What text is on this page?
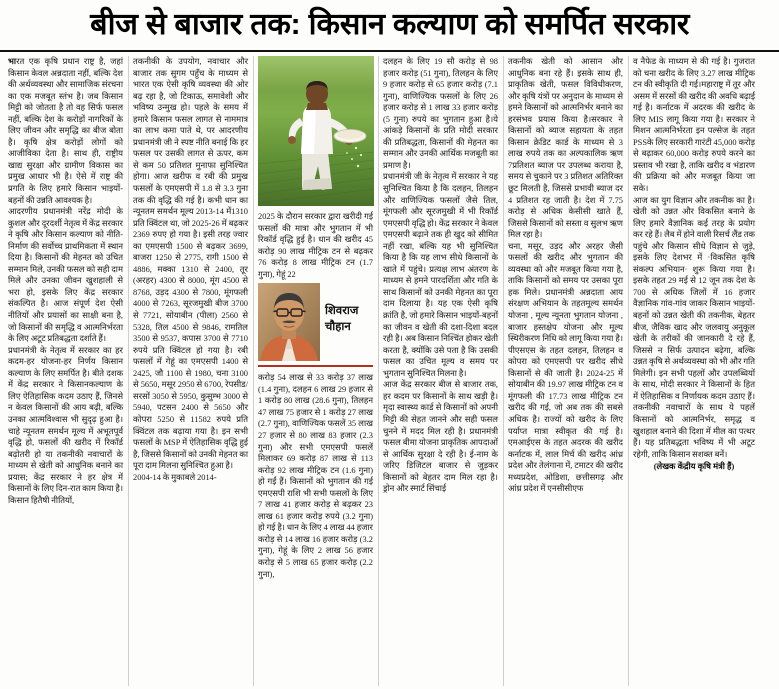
बीज से बाजार तक: किसान कल्याण को समर्पित सरकार

भारत एक कृषि प्रधान राष्ट्र है, जहां किसान केवल अन्नदाता नहीं, बल्कि देश की अर्थव्यवस्था और सामाजिक संरचना का एक मजबूत स्तंभ है। जब किसान मिट्टी को जोतता है तो वह सिर्फ फसल नहीं, बल्कि देश के करोड़ों नागरिकों के लिए जीवन और समृद्धि का बीज बोता है। कृषि क्षेत्र करोड़ों लोगों को आजीविका देता है। साथ ही, राष्ट्रीय खाद्य सुरक्षा और ग्रामीण विकास का प्रमुख आधार भी है। ऐसे में राष्ट्र की प्रगति के लिए हमारे किसान भाइयों-बहनों की उन्नति आवश्यक है।

आदरणीय प्रधानमंत्री नरेंद्र मोदी के कुशल और दूरदर्शी नेतृत्व में केंद्र सरकार ने कृषि और किसान कल्याण को नीति-निर्माण की सर्वोच्च प्राथमिकता में स्थान दिया है। किसानों की मेहनत को उचित सम्मान मिले, उनकी फसल को सही दाम मिले और उनका जीवन खुशहाली से भरा हो, इसके लिए केंद्र सरकार संकल्पित है। आज संपूर्ण देश ऐसी नीतियों और प्रयासों का साक्षी बना है, जो किसानों की समृद्धि व आत्मनिर्भरता के लिए अटूट प्रतिबद्धता दर्शाते हैं।

प्रधानमंत्री के नेतृत्व में सरकार का हर कदम-हर योजना-हर निर्णय किसान कल्याण के लिए समर्पित है। बीते दशक में केंद्र सरकार ने किसानकल्याण के लिए ऐतिहासिक कदम उठाए हैं, जिनसे न केवल किसानों की आय बढ़ी, बल्कि उनका आत्मविश्वास भी सुदृढ़ हुआ है। चाहे न्यूनतम समर्थन मूल्य में अभूतपूर्व वृद्धि हो, फसलों की खरीद में रिकॉर्ड बढ़ोतरी हो या तकनीकी नवाचारों के माध्यम से खेती को आधुनिक बनाने का प्रयास; केंद्र सरकार ने हर क्षेत्र में किसानों के लिए दिन-रात काम किया है। किसान हितैषी नीतियों,

तकनीकी के उपयोग, नवाचार और बाजार तक सुगम पहुँच के माध्यम से भारत एक ऐसी कृषि व्यवस्था की ओर बढ़ रहा है, जो टिकाऊ, समावेशी और भविष्य उन्मुख हो। पहले के समय में हमारे किसान फसल लागत से नाममात्र का लाभ कमा पाते थे, पर आदरणीय प्रधानमंत्री जी ने स्पष्ट नीति बनाई कि हर फसल पर उसकी लागत से ऊपर, कम से कम 50 प्रतिशत मुनाफा सुनिश्चित होगा। आज खरीफ व रबी की प्रमुख फसलों के एमएसपी में 1.8 से 3.3 गुना तक की वृद्धि की गई है। कभी धान का न्यूनतम समर्थन मूल्य 2013-14 में1310 प्रति क्विंटल था, जो 2025-26 में बढ़कर 2369 रुपए हो गया है। इसी तरह ज्वार का एमएसपी 1500 से बढ़कर 3699, बाजरा 1250 से 2775, रागी 1500 से 4886, मक्का 1310 से 2400, तूर (अरहर) 4300 से 8000, मूंग 4500 से 8768, उड़द 4300 से 7800, मूंगफली 4000 से 7263, सूरजमुखी बीज 3700 से 7721, सोयाबीन (पीला) 2560 से 5328, तिल 4500 से 9846, रामतिल 3500 से 9537, कपास 3700 से 7710 रुपये प्रति क्विंटल हो गया है। रबी फसलों में गेहूं का एमएसपी 1400 से 2425, जौ 1100 से 1980, चना 3100 से 5650, मसूर 2950 से 6700, रेपसीड/सरसों 3050 से 5950, कुसुम्भ 3000 से 5940, पटसन 2400 से 5650 और कोपरा 5250 से 11582 रुपये प्रति क्विंटल तक बढ़ाया गया है। इन सभी फसलों के MSP में ऐतिहासिक वृद्धि हुई है, जिससे किसानों को उनकी मेहनत का पूरा दाम मिलना सुनिश्चित हुआ है।

2004-14 के मुकाबले 2014-

2025 के दौरान सरकार द्वारा खरीदी गई फसलों की मात्रा और भुगतान में भी रिकॉर्ड वृद्धि हुई है। धान की खरीद 45 करोड़ 90 लाख मीट्रिक टन से बढ़कर 76 करोड़ 8 लाख मीट्रिक टन (1.7 गुना), गेहूं 22

शिवराज
चौहान

करोड़ 54 लाख से 33 करोड़ 37 लाख (1.4 गुना), दलहन 6 लाख 29 हजार से 1 करोड़ 80 लाख (28.6 गुना), तिलहन 47 लाख 75 हजार से 1 करोड़ 27 लाख (2.7 गुना), वाणिज्यिक फसलें 35 लाख 27 हजार से 80 लाख 83 हजार (2.3 गुना) और सभी एमएसपी फसलें मिलाकर 69 करोड़ 87 लाख से 113 करोड़ 92 लाख मीट्रिक टन (1.6 गुना) हो गईं हैं। किसानों को भुगतान की गई एमएसपी राशि भी सभी फसलों के लिए 7 लाख 41 हजार करोड़ से बढ़कर 23 लाख 61 हजार करोड़ रुपये (3.2 गुना) हो गई है। धान के लिए 4 लाख 44 हजार करोड़ से 14 लाख 16 हजार करोड़ (3.2 गुना), गेहूं के लिए 2 लाख 56 हजार करोड़ से 5 लाख 65 हजार करोड़ (2.2 गुना),

दलहन के लिए 19 सौ करोड़ से 98 हजार करोड़ (51 गुना), तिलहन के लिए 9 हजार करोड़ से 65 हजार करोड़ (7.1 गुना), वाणिज्यिक फसलों के लिए 26 हजार करोड़ से 1 लाख 33 हजार करोड़ (5 गुना) रुपये का भुगतान हुआ है।ये आंकड़े किसानों के प्रति मोदी सरकार की प्रतिबद्धता, किसानों की मेहनत का सम्मान और उनकी आर्थिक मजबूती का प्रमाण है।

प्रधानमंत्री जी के नेतृत्व में सरकार ने यह सुनिश्चित किया है कि दलहन, तिलहन और वाणिज्यिक फसलों जैसे तिल, मूंगफली और सूरजमुखी में भी रिकॉर्ड एमएसपी वृद्धि हो। केंद्र सरकार ने केवल एमएसपी बढ़ाने तक ही खुद को सीमित नहीं रखा, बल्कि यह भी सुनिश्चित किया है कि यह लाभ सीधे किसानों के खाते में पहुंचे। प्रत्यक्ष लाभ अंतरण के माध्यम से हमने पारदर्शिता और गति के साथ किसानों को उनकी मेहनत का पूरा दाम दिलाया है। यह एक ऐसी कृषि क्रांति है, जो हमारे किसान भाइयों-बहनों का जीवन व खेती की दशा-दिशा बदल रही है। अब किसान निश्चिंत होकर खेती करता है, क्योंकि उसे पता है कि उसकी फसल का उचित मूल्य व समय पर भुगतान सुनिश्चित मिलना है।

आज केंद्र सरकार बीज से बाजार तक, हर कदम पर किसानों के साथ खड़ी है। मृदा स्वास्थ्य कार्ड से किसानों को अपनी मिट्टी की सेहत जानने और सही फसल चुनने में मदद मिल रही है। प्रधानमंत्री फसल बीमा योजना प्राकृतिक आपदाओं से आर्थिक सुरक्षा दे रही है। ई-नाम के जरिए डिजिटल बाजार से जुड़कर किसानों को बेहतर दाम मिल रहा है। ड्रोन और स्मार्ट सिंचाई

तकनीक खेती को आसान और आधुनिक बना रहे हैं। इसके साथ ही, प्राकृतिक खेती, फसल विविधीकरण, और कृषि यंत्रों पर अनुदान के माध्यम से हमने किसानों को आत्मनिर्भर बनाने का हरसंभव प्रयास किया है।सरकार ने किसानों को ब्याज सहायता के तहत किसान क्रेडिट कार्ड के माध्यम से 3 लाख रुपये तक का अल्पकालिक ऋण 7प्रतिशत ब्याज पर उपलब्ध कराया है, समय से चुकाने पर 3 प्रतिशत अतिरिक्त छूट मिलती है, जिससे प्रभावी ब्याज दर 4 प्रतिशत रह जाती है। देश में 7.75 करोड़ से अधिक केसीसी खाते हैं, जिससे किसानों को सस्ता व सुलभ ऋण मिल रहा है।

चना, मसूर, उड़द और अरहर जैसी फसलों की खरीद और भुगतान की व्यवस्था को और मजबूत किया गया है, ताकि किसानों को समय पर उसका पूरा हक मिले। प्रधानमंत्री अन्नदाता आय संरक्षण अभियान के तहतमूल्य समर्थन योजना , मूल्य न्यूनता भुगतान योजना , बाजार हस्तक्षेप योजना और मूल्य स्थिरीकरण निधि को लागू किया गया है। पीएसएस के तहत दलहन, तिलहन व कोपरा को एमएसपी पर खरीद सीधे किसानों से की जाती है। 2024-25 में सोयाबीन की 19.97 लाख मीट्रिक टन व मूंगफली की 17.73 लाख मीट्रिक टन खरीद की गई, जो अब तक की सबसे अधिक है। राज्यों को खरीद के लिए पर्याप्त मात्रा स्वीकृत की गई है। एमआईएस के तहत अदरक की खरीद कर्नाटक में, लाल मिर्च की खरीद आंध्र प्रदेश और तेलंगाना में, टमाटर की खरीद मध्यप्रदेश, ओडिशा, छत्तीसगढ़ और आंध्र प्रदेश में एनसीसीएफ

व नैफेड के माध्यम से की गई है। गुजरात को चना खरीद के लिए 3.27 लाख मीट्रिक टन की स्वीकृति दी गई।महाराष्ट्र में तूर और असम में सरसों की खरीद की अवधि बढ़ाई गई है। कर्नाटक में अदरक की खरीद के लिए MIS लागू किया गया है। सरकार ने मिशन आत्मनिर्भरता इन पल्सेज के तहत PSSके लिए सरकारी गारंटी 45,000 करोड़ से बढ़ाकर 60,000 करोड़ रुपये करने का प्रस्ताव भी रखा है, ताकि खरीद व भंडारण की प्रक्रिया को और मजबूत किया जा सके।

आज का युग विज्ञान और तकनीक का है। खेती को उन्नत और विकसित बनाने के लिए हमारे वैज्ञानिक कई तरह के प्रयोग कर रहे हैं। लैब में होने वाली रिसर्च लैंड तक पहुंचे और किसान सीधे विज्ञान से जुड़े, इसके लिए देशभर में ·विकसित कृषि संकल्प अभियान· शुरू किया गया है। इसके तहत 29 मई से 12 जून तक देश के 700 से अधिक जिलों में 16 हजार वैज्ञानिक गांव-गांव जाकर किसान भाइयों-बहनों को उन्नत खेती की तकनीक, बेहतर बीज, जैविक खाद और जलवायु अनुकूल खेती के तरीकों की जानकारी दे रहे हैं, जिससे न सिर्फ उत्पादन बढ़ेगा, बल्कि उन्नत कृषि से अर्थव्यवस्था को भी और गति मिलेगी। इन सभी पहलों और उपलब्धियों के साथ, मोदी सरकार ने किसानों के हित में ऐतिहासिक व निर्णायक कदम उठाए हैं। तकनीकी नवाचारों के साथ ये पहलें किसानों को आत्मनिर्भर, समृद्ध व खुशहाल बनाने की दिशा में मील का पत्थर हैं। यह प्रतिबद्धता भविष्य में भी अटूट रहेगी, ताकि किसान सशक्त बनें।

(लेखक केंद्रीय कृषि मंत्री हैं)
